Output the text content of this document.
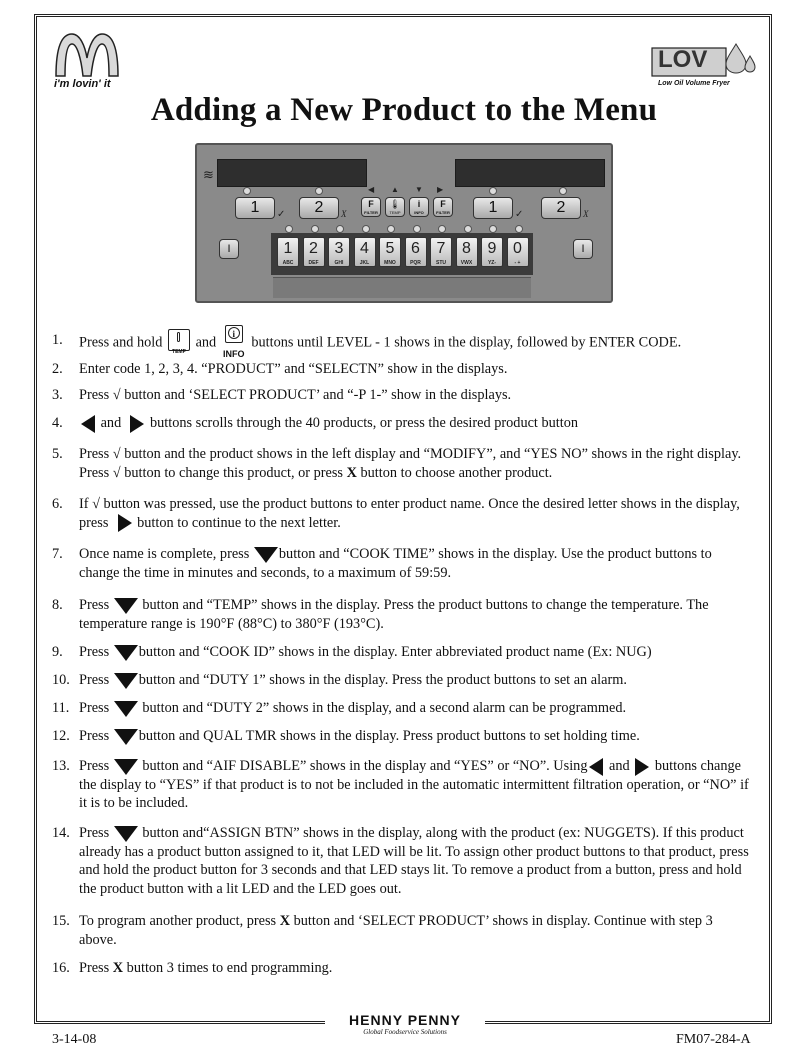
i'm lovin' it
LOV
Low Oil Volume Fryer
Adding a New Product to the Menu
≋
1	✓	2	X
◀ ▲ ▼ ▶
F
FILTER
🌡
TEMP
i
INFO
F
FILTER	1	✓	2	X
I	I
1
ABC
2
DEF
3
GHI
4
JKL
5
MNO
6
PQR
7
STU
8
VWX
9
YZ-
0
- +
1.	Press and hold
TEMP
and
i
INFO
buttons until LEVEL - 1 shows in the display, followed by ENTER CODE.
2.	Enter code 1, 2, 3, 4. “PRODUCT” and “SELECTN” show in the displays.
3.	Press √ button and ‘SELECT PRODUCT’ and “-P 1-” show in the displays.
4.	and buttons scrolls through the 40 products, or press the desired product button
5.	Press √ button and the product shows in the left display and “MODIFY”, and “YES NO” shows in the right display. Press √ button to change this product, or press X button to choose another product.
6.	If √ button was pressed, use the product buttons to enter product name. Once the desired letter shows in the display, press button to continue to the next letter.
7.	Once name is complete, press button and “COOK TIME” shows in the display. Use the product buttons to change the time in minutes and seconds, to a maximum of 59:59.
8.	Press button and “TEMP” shows in the display. Press the product buttons to change the temperature. The temperature range is 190°F (88°C) to 380°F (193°C).
9.	Press button and “COOK ID” shows in the display. Enter abbreviated product name (Ex: NUG)
10. Press button and “DUTY 1” shows in the display. Press the product buttons to set an alarm.
11. Press button and “DUTY 2” shows in the display, and a second alarm can be programmed.
12. Press button and QUAL TMR shows in the display. Press product buttons to set holding time.
13. Press button and “AIF DISABLE” shows in the display and “YES” or “NO”. Using and buttons change the display to “YES” if that product is to not be included in the automatic intermittent filtration operation, or “NO” if it is to be included.
14. Press button and“ASSIGN BTN” shows in the display, along with the product (ex: NUGGETS). If this product already has a product button assigned to it, that LED will be lit. To assign other product buttons to that product, press and hold the product button for 3 seconds and that LED stays lit. To remove a product from a button, press and hold the product button with a lit LED and the LED goes out.
15. To program another product, press X button and ‘SELECT PRODUCT’ shows in display. Continue with step 3 above.
16. Press X button 3 times to end programming.
HENNY PENNY
Global Foodservice Solutions
3-14-08	FM07-284-A
